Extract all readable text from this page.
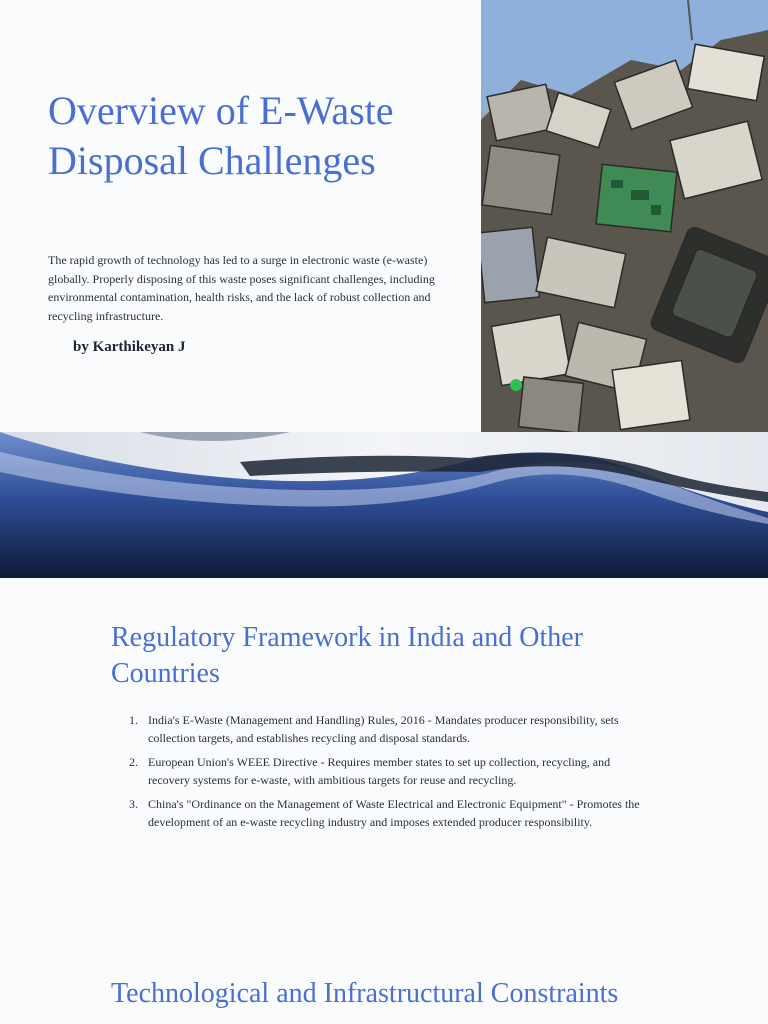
Overview of E-Waste Disposal Challenges

The rapid growth of technology has led to a surge in electronic waste (e-waste) globally. Properly disposing of this waste poses significant challenges, including environmental contamination, health risks, and the lack of robust collection and recycling infrastructure.

by Karthikeyan J

Regulatory Framework in India and Other Countries
1. India's E-Waste (Management and Handling) Rules, 2016 - Mandates producer responsibility, sets collection targets, and establishes recycling and disposal standards.
2. European Union's WEEE Directive - Requires member states to set up collection, recycling, and recovery systems for e-waste, with ambitious targets for reuse and recycling.
3. China's "Ordinance on the Management of Waste Electrical and Electronic Equipment" - Promotes the development of an e-waste recycling industry and imposes extended producer responsibility.
Technological and Infrastructural Constraints
